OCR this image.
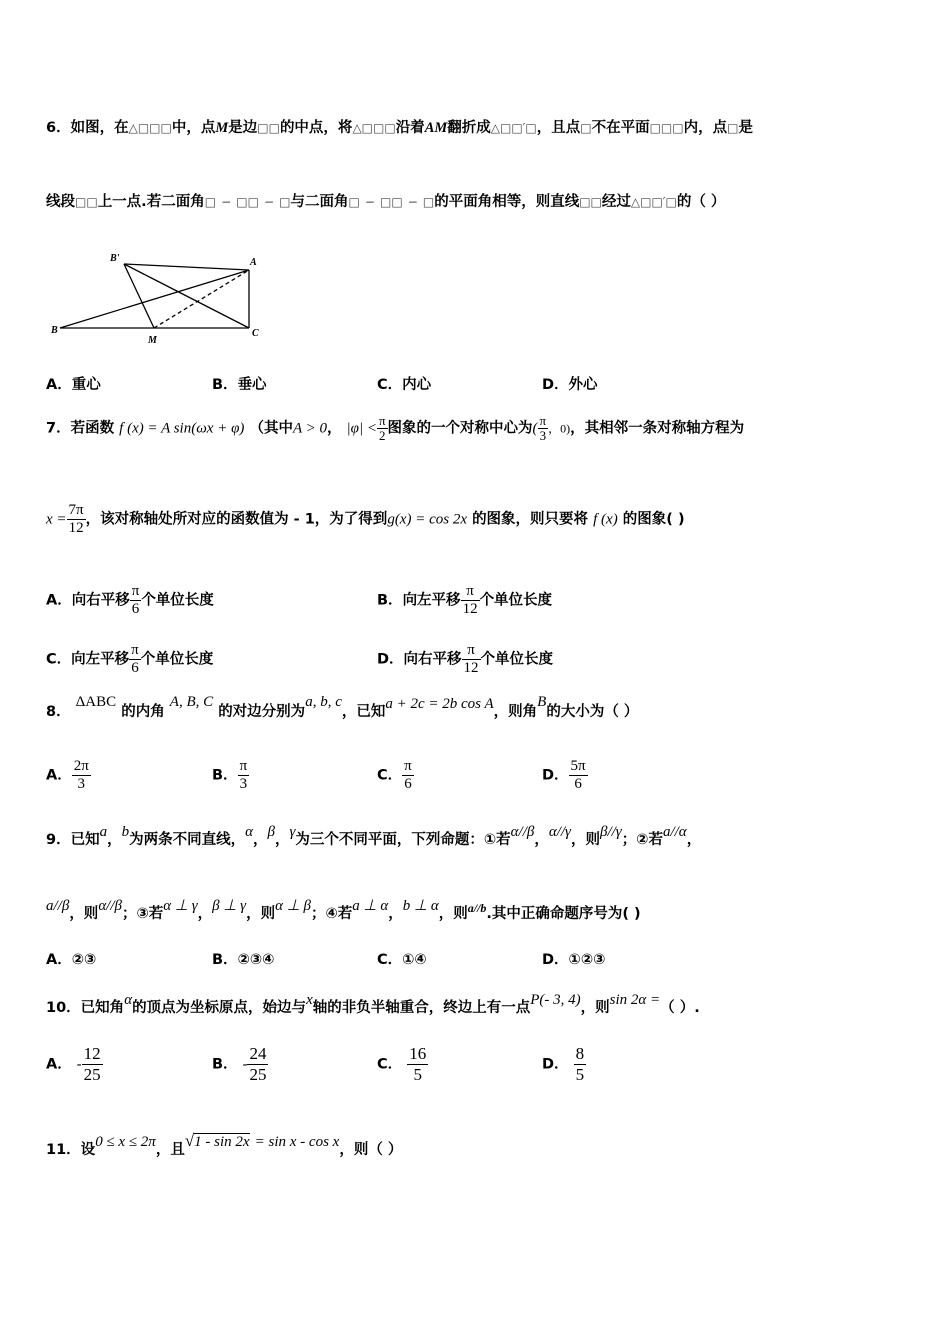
6．如图，在△□□□中，点M是边□□的中点，将△□□□沿着AM翻折成△□□′□，且点□不在平面□□□内，点□是
线段□□上一点.若二面角□ − □□ − □与二面角□ − □□ − □的平面角相等，则直线□□经过△□□′□的（ ）
B'	A
B
M
C
A．重心	B．垂心	C．内心	D．外心
7．若函数 f (x) = A sin(ωx + φ) （其中A > 0， $|\varphi| < \frac{\pi}{2}$ 图象的一个对称中心为( $\frac{\pi}{3}$ ，0)，其相邻一条对称轴方程为
$x = \frac{7\pi}{12}$ ，该对称轴处所对应的函数值为 - 1，为了得到g(x) = cos 2x 的图象，则只要将 f (x) 的图象( )
A．向右平移 $\frac{\pi}{6}$ 个单位长度	B．向左平移 $\frac{\pi}{12}$ 个单位长度
C．向左平移 $\frac{\pi}{6}$ 个单位长度	D．向右平移 $\frac{\pi}{12}$ 个单位长度
8． ΔABC 的内角 A, B, C 的对边分别为a, b, c，已知a + 2c = 2b cos A，则角B的大小为（ ）
A． $\frac{2\pi}{3}$	B． $\frac{\pi}{3}$	C． $\frac{\pi}{6}$	D． $\frac{5\pi}{6}$
9．已知a，b为两条不同直线，α，β，γ为三个不同平面，下列命题：①若α//β，α//γ，则β//γ；②若a//α，
a//β，则α//β；③若α ⊥ γ，β ⊥ γ，则α ⊥ β；④若a ⊥ α，b ⊥ α，则$^{a//b}$.其中正确命题序号为( )
A．②③	B．②③④	C．①④	D．①②③
10．已知角α的顶点为坐标原点，始边与x轴的非负半轴重合，终边上有一点P(- 3, 4)，则sin 2α =（ ）.
A． - $\frac{12}{25}$	B． - $\frac{24}{25}$	C． $\frac{16}{5}$	D． $\frac{8}{5}$
11．设0 ≤ x ≤ 2π，且√1 - sin 2x = sin x - cos x，则（ ）
